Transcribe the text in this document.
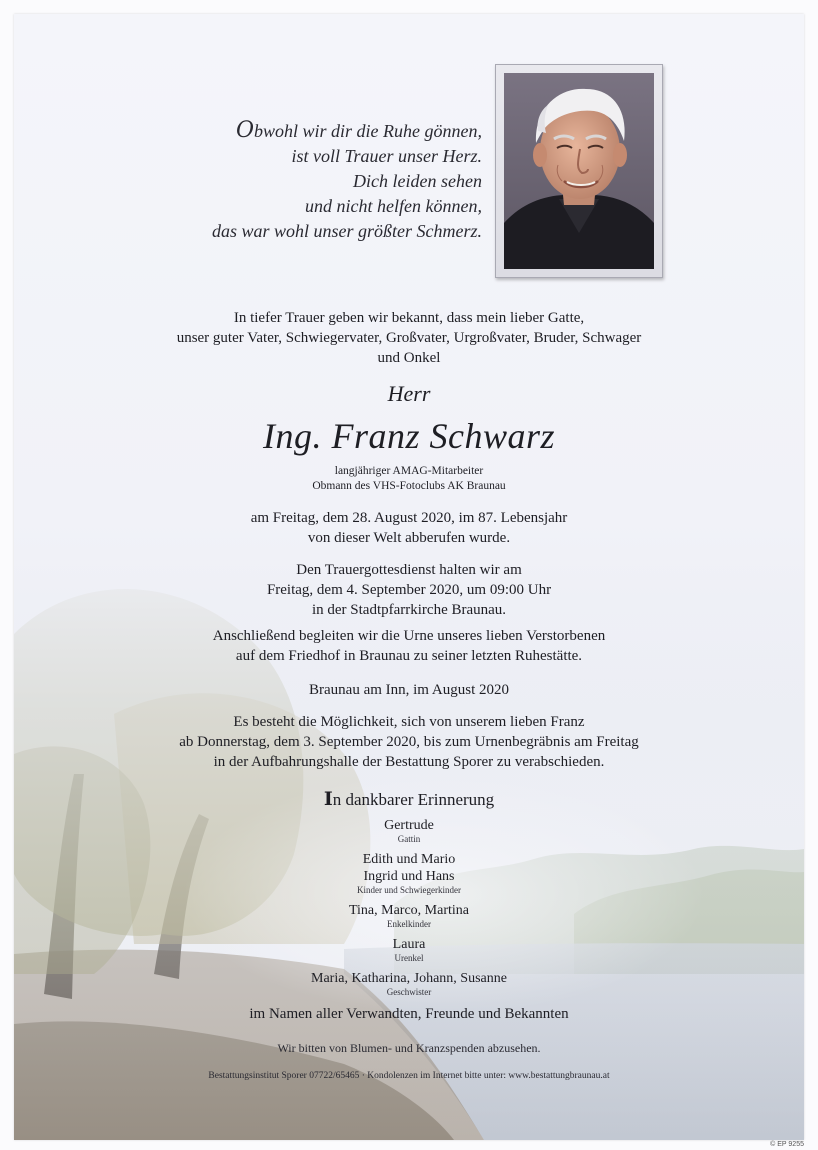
Obwohl wir dir die Ruhe gönnen,
ist voll Trauer unser Herz.
Dich leiden sehen
und nicht helfen können,
das war wohl unser größter Schmerz.

In tiefer Trauer geben wir bekannt, dass mein lieber Gatte,

unser guter Vater, Schwiegervater, Großvater, Urgroßvater, Bruder, Schwager

und Onkel

Herr
Ing. Franz Schwarz

langjähriger AMAG-Mitarbeiter

Obmann des VHS-Fotoclubs AK Braunau

am Freitag, dem 28. August 2020, im 87. Lebensjahr

von dieser Welt abberufen wurde.

Den Trauergottesdienst halten wir am

Freitag, dem 4. September 2020, um 09:00 Uhr

in der Stadtpfarrkirche Braunau.

Anschließend begleiten wir die Urne unseres lieben Verstorbenen

auf dem Friedhof in Braunau zu seiner letzten Ruhestätte.

Braunau am Inn, im August 2020

Es besteht die Möglichkeit, sich von unserem lieben Franz

ab Donnerstag, dem 3. September 2020, bis zum Urnenbegräbnis am Freitag

in der Aufbahrungshalle der Bestattung Sporer zu verabschieden.

In dankbarer Erinnerung

Gertrude

Gattin

Edith und Mario

Ingrid und Hans

Kinder und Schwiegerkinder

Tina, Marco, Martina

Enkelkinder

Laura

Urenkel

Maria, Katharina, Johann, Susanne

Geschwister

im Namen aller Verwandten, Freunde und Bekannten

Wir bitten von Blumen- und Kranzspenden abzusehen.

Bestattungsinstitut Sporer 07722/65465 · Kondolenzen im Internet bitte unter: www.bestattungbraunau.at

© EP 9255
